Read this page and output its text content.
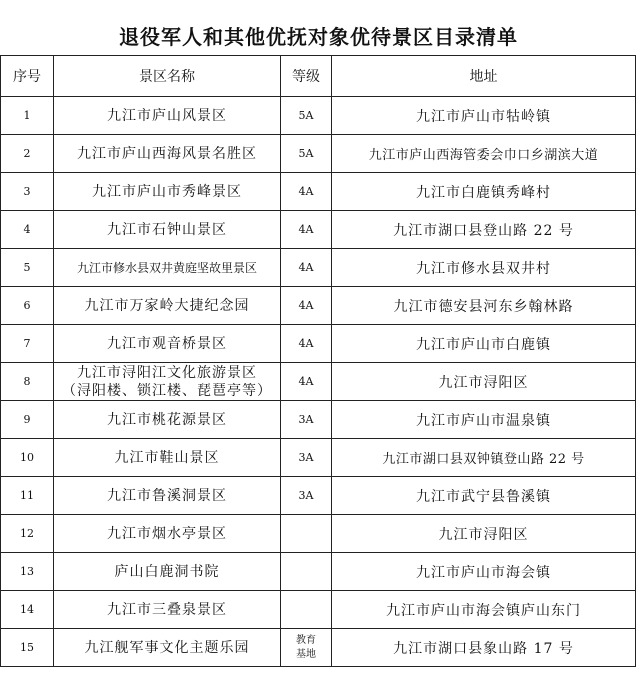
退役军人和其他优抚对象优待景区目录清单
序号	景区名称	等级	地址
1	九江市庐山风景区	5A	九江市庐山市牯岭镇
2	九江市庐山西海风景名胜区	5A	九江市庐山西海管委会巾口乡湖滨大道
3	九江市庐山市秀峰景区	4A	九江市白鹿镇秀峰村
4	九江市石钟山景区	4A	九江市湖口县登山路 22 号
5	九江市修水县双井黄庭坚故里景区	4A	九江市修水县双井村
6	九江市万家岭大捷纪念园	4A	九江市德安县河东乡翰林路
7	九江市观音桥景区	4A	九江市庐山市白鹿镇
8	九江市浔阳江文化旅游景区
（浔阳楼、锁江楼、琵琶亭等）	4A	九江市浔阳区
9	九江市桃花源景区	3A	九江市庐山市温泉镇
10	九江市鞋山景区	3A	九江市湖口县双钟镇登山路 22 号
11	九江市鲁溪洞景区	3A	九江市武宁县鲁溪镇
12	九江市烟水亭景区		九江市浔阳区
13	庐山白鹿洞书院		九江市庐山市海会镇
14	九江市三叠泉景区		九江市庐山市海会镇庐山东门
15	九江舰军事文化主题乐园	教育
基地	九江市湖口县象山路 17 号
